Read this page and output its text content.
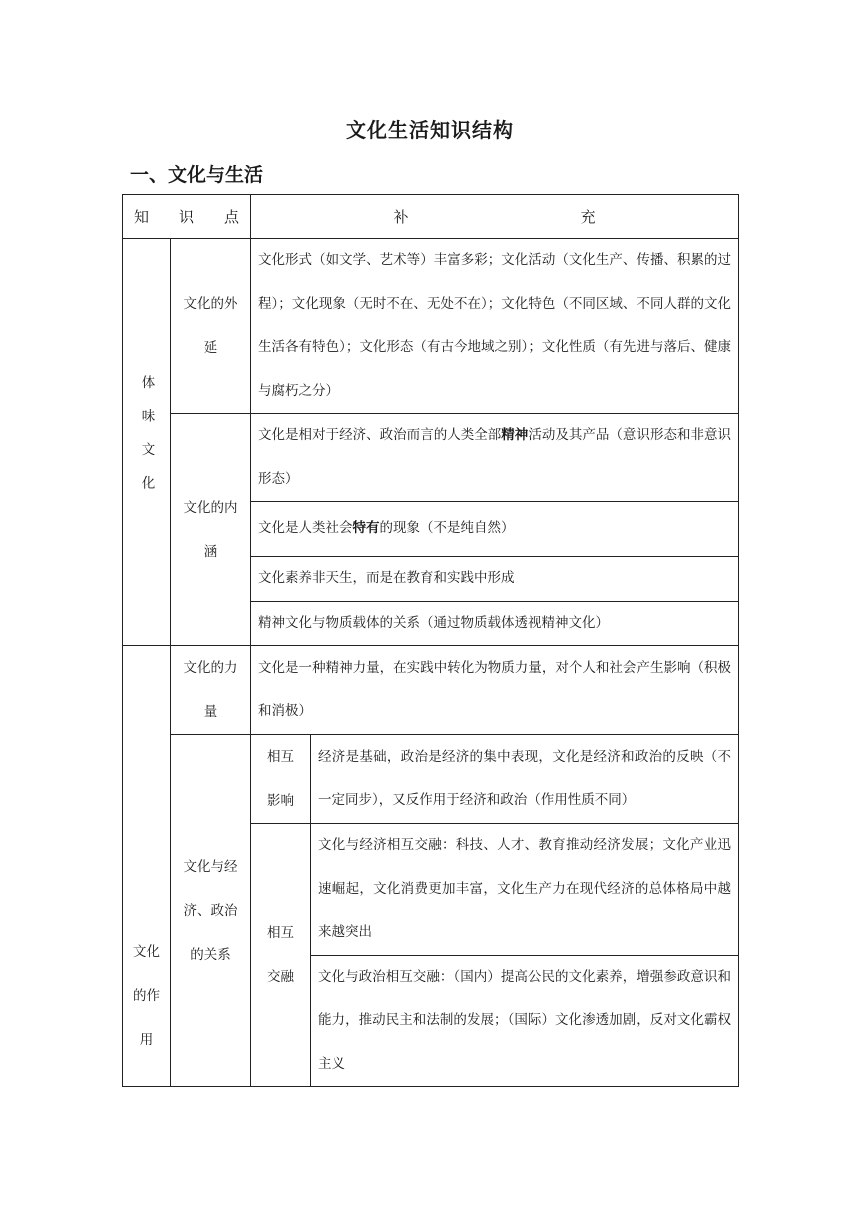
文化生活知识结构
一、文化与生活
知 识 点		补 充	

体味文化	文化的外延	文化形式（如文学、艺术等）丰富多彩；文化活动（文化生产、传播、积累的过程）；文化现象（无时不在、无处不在）；文化特色（不同区域、不同人群的文化生活各有特色）；文化形态（有古今地域之别）；文化性质（有先进与落后、健康与腐朽之分）	
	文化的内涵	文化是相对于经济、政治而言的人类全部精神活动及其产品（意识形态和非意识形态）	
		文化是人类社会特有的现象（不是纯自然）	
		文化素养非天生，而是在教育和实践中形成	
		精神文化与物质载体的关系（通过物质载体透视精神文化）	
文化的作用	文化的力量	文化是一种精神力量，在实践中转化为物质力量，对个人和社会产生影响（积极和消极）	
	文化与经济、政治的关系	相互影响	经济是基础，政治是经济的集中表现，文化是经济和政治的反映（不一定同步），又反作用于经济和政治（作用性质不同）
		相互交融	文化与经济相互交融：科技、人才、教育推动经济发展；文化产业迅速崛起，文化消费更加丰富，文化生产力在现代经济的总体格局中越来越突出
			文化与政治相互交融：（国内）提高公民的文化素养，增强参政意识和能力，推动民主和法制的发展；（国际）文化渗透加剧，反对文化霸权主义
